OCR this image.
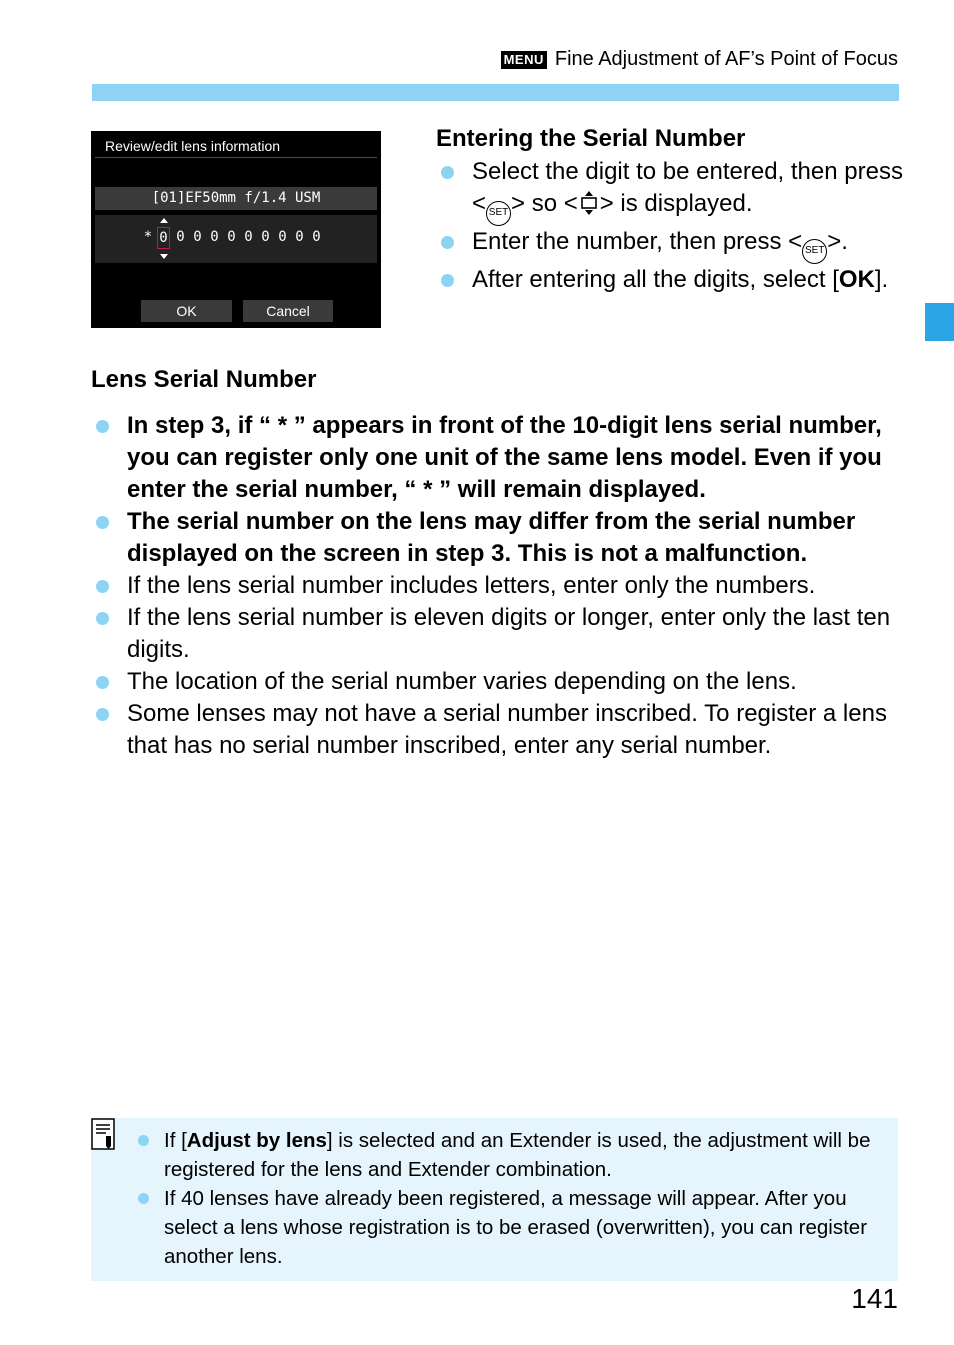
MENU Fine Adjustment of AF’s Point of Focus
Review/edit lens information
[01]EF50mm f/1.4 USM
* 0 0 0 0 0 0 0 0 0 0
OK	Cancel
Entering the Serial Number
Select the digit to be entered, then press < SET > so < > is displayed.
Enter the number, then press < SET >.
After entering all the digits, select [OK].
Lens Serial Number
In step 3, if “ * ” appears in front of the 10-digit lens serial number, you can register only one unit of the same lens model. Even if you enter the serial number, “ * ” will remain displayed.
The serial number on the lens may differ from the serial number displayed on the screen in step 3. This is not a malfunction.
If the lens serial number includes letters, enter only the numbers.
If the lens serial number is eleven digits or longer, enter only the last ten digits.
The location of the serial number varies depending on the lens.
Some lenses may not have a serial number inscribed. To register a lens that has no serial number inscribed, enter any serial number.
If [Adjust by lens] is selected and an Extender is used, the adjustment will be registered for the lens and Extender combination.
If 40 lenses have already been registered, a message will appear. After you select a lens whose registration is to be erased (overwritten), you can register another lens.
141
